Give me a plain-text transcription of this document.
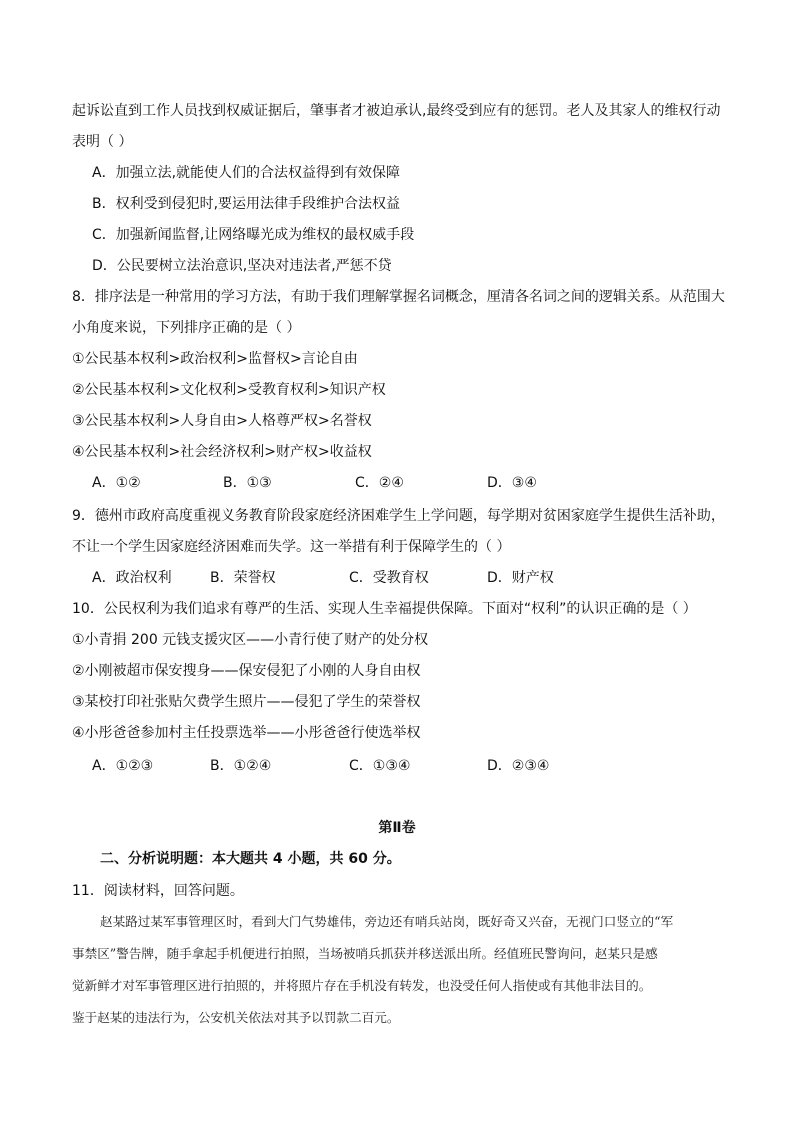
起诉讼直到工作人员找到权威证据后，肇事者才被迫承认,最终受到应有的惩罚。老人及其家人的维权行动
表明（ ）
A．加强立法,就能使人们的合法权益得到有效保障
B．权利受到侵犯时,要运用法律手段维护合法权益
C．加强新闻监督,让网络曝光成为维权的最权威手段
D．公民要树立法治意识,坚决对违法者,严惩不贷
8．排序法是一种常用的学习方法，有助于我们理解掌握名词概念，厘清各名词之间的逻辑关系。从范围大
小角度来说，下列排序正确的是（ ）
①公民基本权利>政治权利>监督权>言论自由
②公民基本权利>文化权利>受教育权利>知识产权
③公民基本权利>人身自由>人格尊严权>名誉权
④公民基本权利>社会经济权利>财产权>收益权
A．①②	B．①③	C．②④	D．③④
9．德州市政府高度重视义务教育阶段家庭经济困难学生上学问题，每学期对贫困家庭学生提供生活补助，
不让一个学生因家庭经济困难而失学。这一举措有利于保障学生的（ ）
A．政治权利	B．荣誉权	C．受教育权	D．财产权
10．公民权利为我们追求有尊严的生活、实现人生幸福提供保障。下面对“权利”的认识正确的是（ ）
①小青捐 200 元钱支援灾区——小青行使了财产的处分权
②小刚被超市保安搜身——保安侵犯了小刚的人身自由权
③某校打印社张贴欠费学生照片——侵犯了学生的荣誉权
④小彤爸爸参加村主任投票选举——小彤爸爸行使选举权
A．①②③	B．①②④	C．①③④	D．②③④
第Ⅱ卷
二、分析说明题：本大题共 4 小题，共 60 分。
11．阅读材料，回答问题。
赵某路过某军事管理区时，看到大门气势雄伟，旁边还有哨兵站岗，既好奇又兴奋，无视门口竖立的“军
事禁区”警告牌，随手拿起手机便进行拍照，当场被哨兵抓获并移送派出所。经值班民警询问，赵某只是感
觉新鲜才对军事管理区进行拍照的，并将照片存在手机没有转发，也没受任何人指使或有其他非法目的。
鉴于赵某的违法行为，公安机关依法对其予以罚款二百元。
